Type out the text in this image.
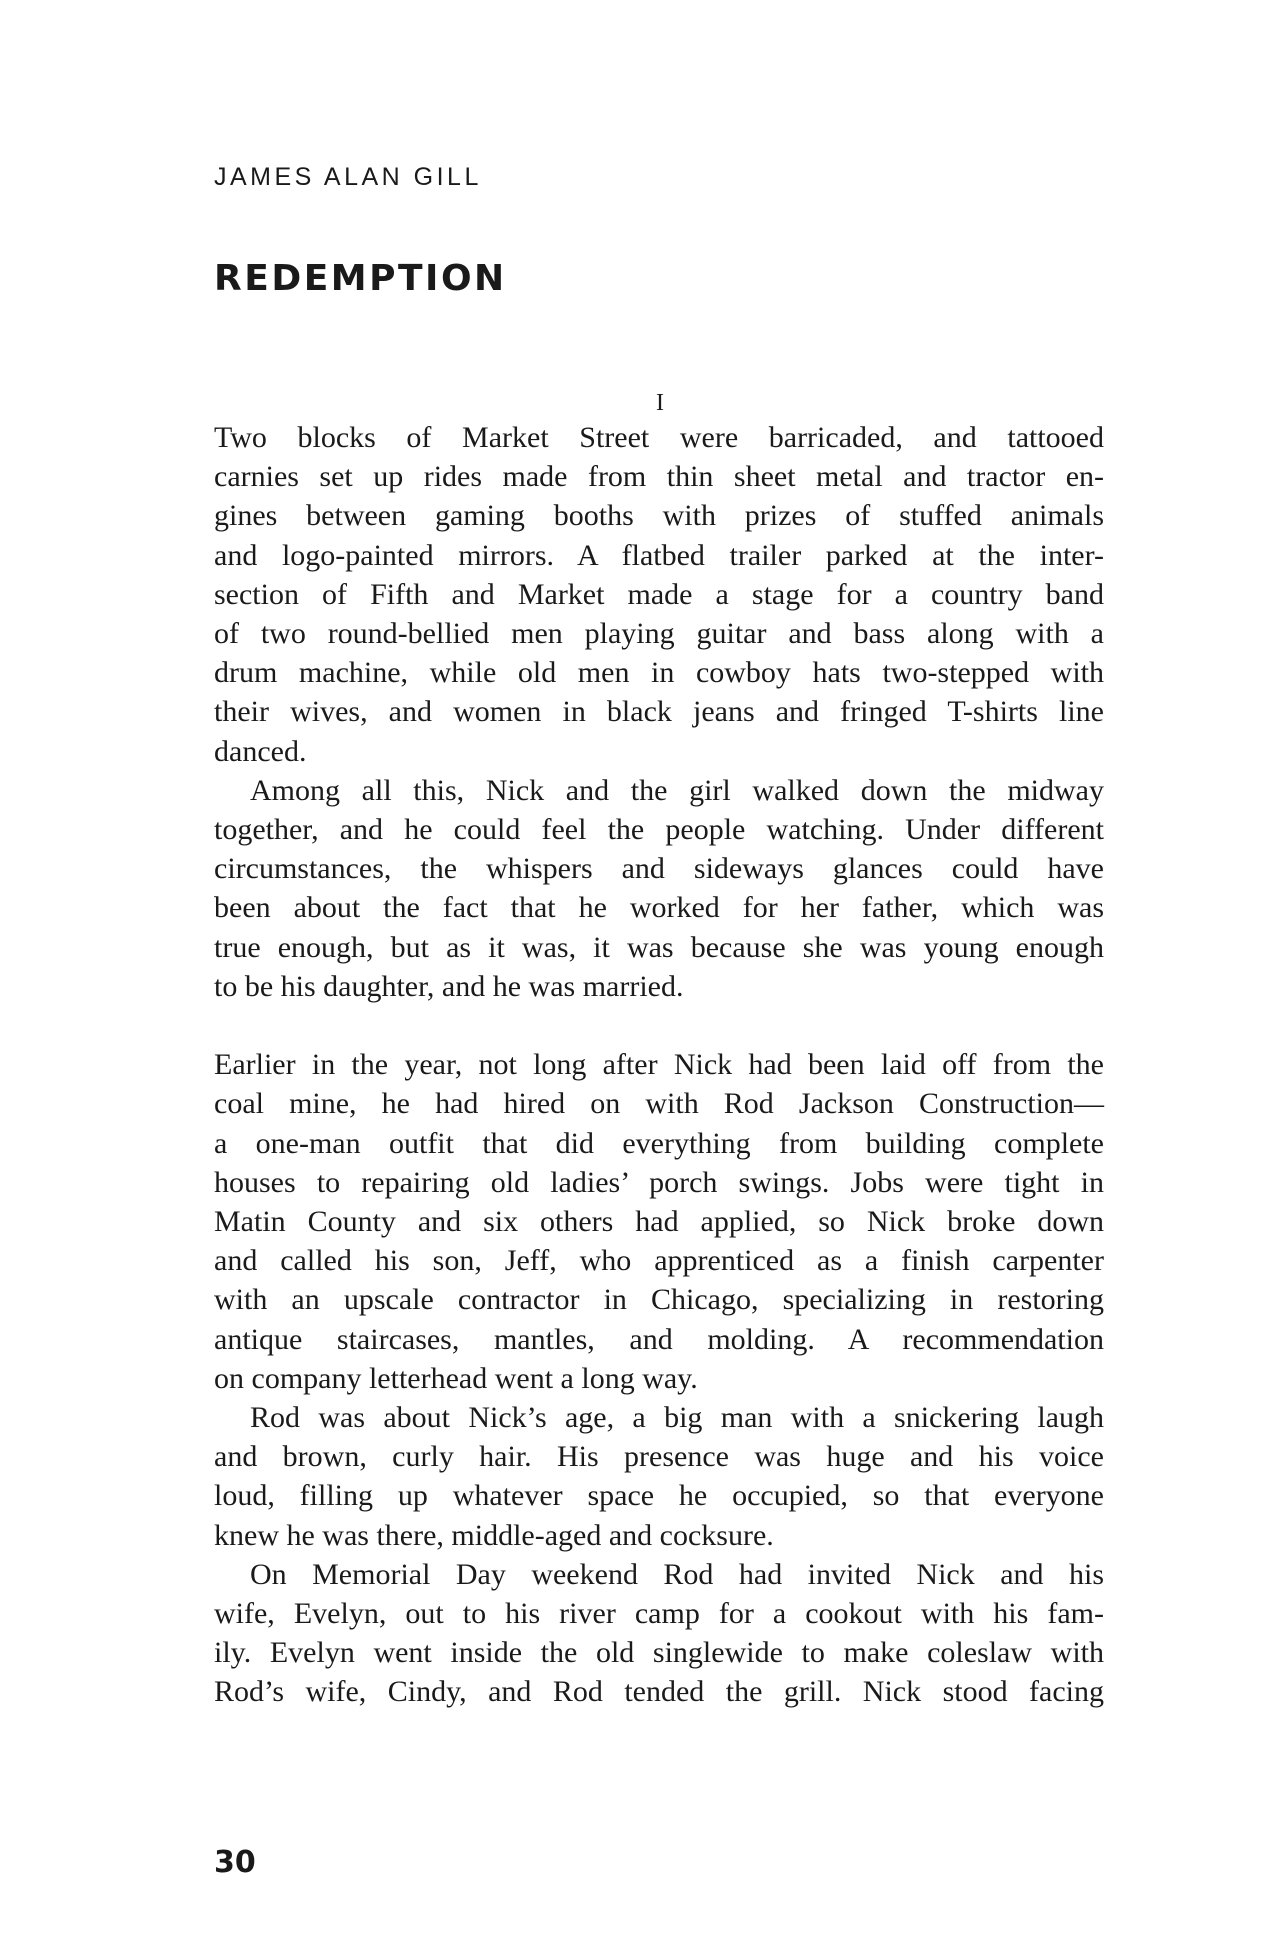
JAMES ALAN GILL
REDEMPTION
I

Two blocks of Market Street were barricaded, and tattooed

carnies set up rides made from thin sheet metal and tractor en-

gines between gaming booths with prizes of stuffed animals

and logo-painted mirrors. A flatbed trailer parked at the inter-

section of Fifth and Market made a stage for a country band

of two round-bellied men playing guitar and bass along with a

drum machine, while old men in cowboy hats two-stepped with

their wives, and women in black jeans and fringed T-shirts line

danced.

Among all this, Nick and the girl walked down the midway

together, and he could feel the people watching. Under different

circumstances, the whispers and sideways glances could have

been about the fact that he worked for her father, which was

true enough, but as it was, it was because she was young enough

to be his daughter, and he was married.

Earlier in the year, not long after Nick had been laid off from the

coal mine, he had hired on with Rod Jackson Construction—

a one-man outfit that did everything from building complete

houses to repairing old ladies’ porch swings. Jobs were tight in

Matin County and six others had applied, so Nick broke down

and called his son, Jeff, who apprenticed as a finish carpenter

with an upscale contractor in Chicago, specializing in restoring

antique staircases, mantles, and molding. A recommendation

on company letterhead went a long way.

Rod was about Nick’s age, a big man with a snickering laugh

and brown, curly hair. His presence was huge and his voice

loud, filling up whatever space he occupied, so that everyone

knew he was there, middle-aged and cocksure.

On Memorial Day weekend Rod had invited Nick and his

wife, Evelyn, out to his river camp for a cookout with his fam-

ily. Evelyn went inside the old singlewide to make coleslaw with

Rod’s wife, Cindy, and Rod tended the grill. Nick stood facing

30
